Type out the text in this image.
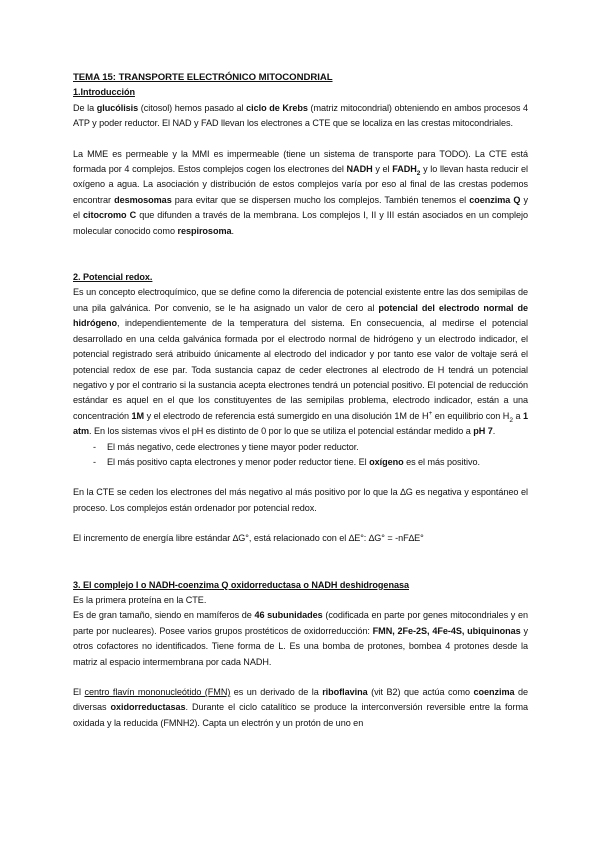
TEMA 15: TRANSPORTE ELECTRÓNICO MITOCONDRIAL

1.Introducción

De la glucólisis (citosol) hemos pasado al ciclo de Krebs (matriz mitocondrial) obteniendo en ambos procesos 4 ATP y poder reductor. El NAD y FAD llevan los electrones a CTE que se localiza en las crestas mitocondriales.

La MME es permeable y la MMI es impermeable (tiene un sistema de transporte para TODO). La CTE está formada por 4 complejos. Estos complejos cogen los electrones del NADH y el $FADH_2$ y lo llevan hasta reducir el oxígeno a agua. La asociación y distribución de estos complejos varía por eso al final de las crestas podemos encontrar desmosomas para evitar que se dispersen mucho los complejos. También tenemos el coenzima Q y el citocromo C que difunden a través de la membrana. Los complejos I, II y III están asociados en un complejo molecular conocido como respirosoma.

2. Potencial redox.

Es un concepto electroquímico, que se define como la diferencia de potencial existente entre las dos semipilas de una pila galvánica. Por convenio, se le ha asignado un valor de cero al potencial del electrodo normal de hidrógeno, independientemente de la temperatura del sistema. En consecuencia, al medirse el potencial desarrollado en una celda galvánica formada por el electrodo normal de hidrógeno y un electrodo indicador, el potencial registrado será atribuido únicamente al electrodo del indicador y por tanto ese valor de voltaje será el potencial redox de ese par. Toda sustancia capaz de ceder electrones al electrodo de H tendrá un potencial negativo y por el contrario si la sustancia acepta electrones tendrá un potencial positivo. El potencial de reducción estándar es aquel en el que los constituyentes de las semipilas problema, electrodo indicador, están a una concentración 1M y el electrodo de referencia está sumergido en una disolución 1M de H+ en equilibrio con $H_2$ a 1 atm. En los sistemas vivos el pH es distinto de 0 por lo que se utiliza el potencial estándar medido a pH 7.

- El más negativo, cede electrones y tiene mayor poder reductor.
- El más positivo capta electrones y menor poder reductor tiene. El oxígeno es el más positivo.

En la CTE se ceden los electrones del más negativo al más positivo por lo que la ∆G es negativa y espontáneo el proceso. Los complejos están ordenador por potencial redox.

El incremento de energía libre estándar ∆G°, está relacionado con el ∆E°: ∆G° = -nF∆E°

3. El complejo I o NADH-coenzima Q oxidorreductasa o NADH deshidrogenasa

Es la primera proteína en la CTE.

Es de gran tamaño, siendo en mamíferos de 46 subunidades (codificada en parte por genes mitocondriales y en parte por nucleares). Posee varios grupos prostéticos de oxidorreducción: FMN, 2Fe-2S, 4Fe-4S, ubiquinonas y otros cofactores no identificados. Tiene forma de L. Es una bomba de protones, bombea 4 protones desde la matriz al espacio intermembrana por cada NADH.

El centro flavín mononucleótido (FMN) es un derivado de la riboflavina (vit B2) que actúa como coenzima de diversas oxidorreductasas. Durante el ciclo catalítico se produce la interconversión reversible entre la forma oxidada y la reducida (FMNH2). Capta un electrón y un protón de uno en
